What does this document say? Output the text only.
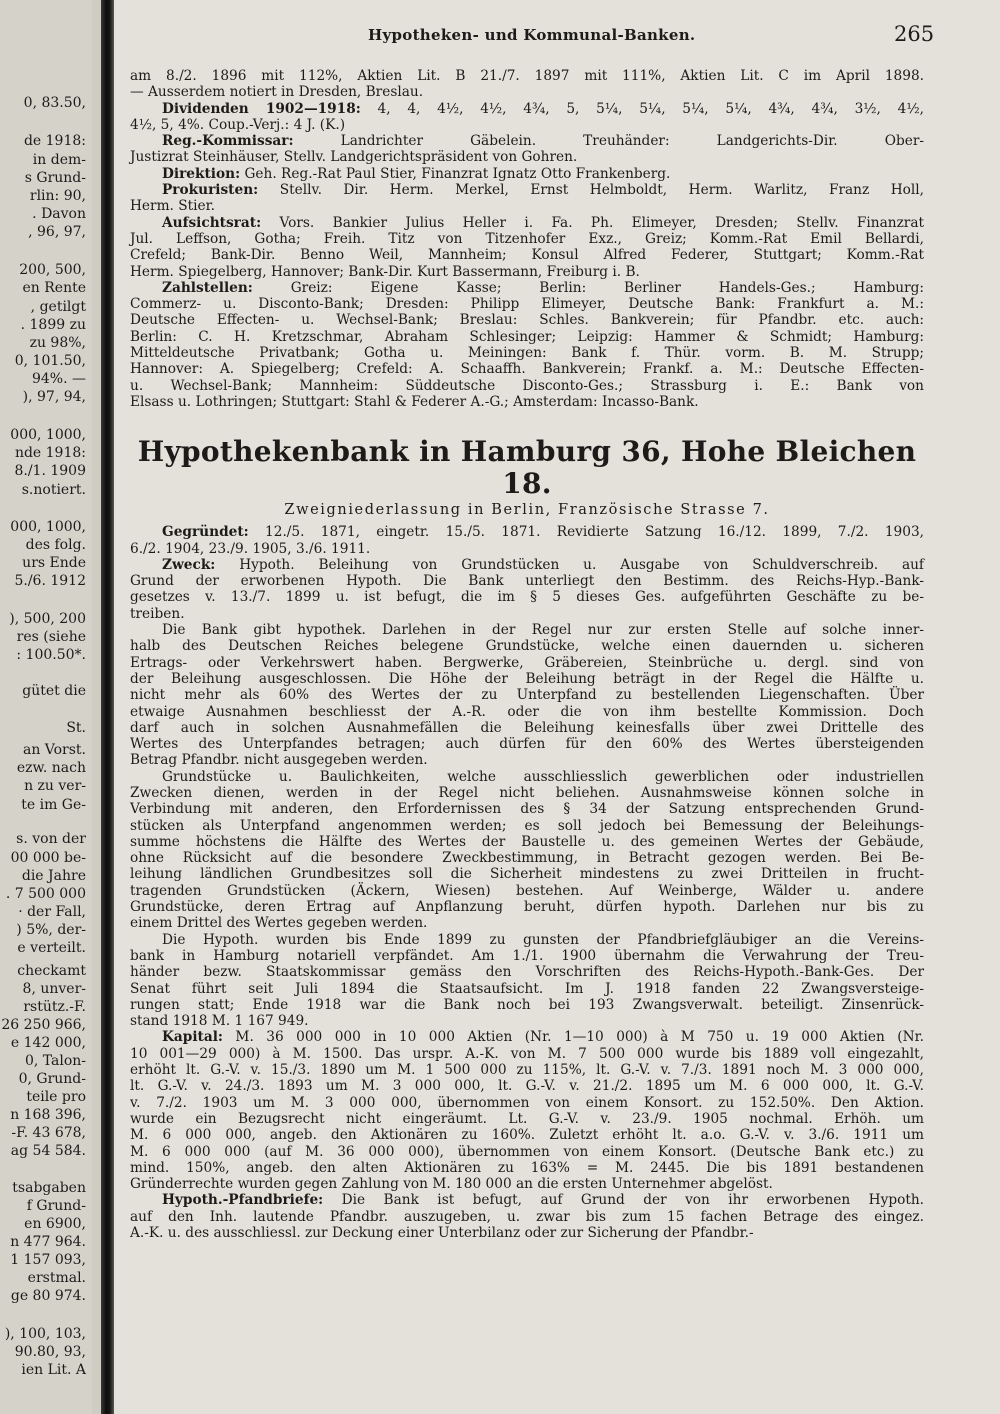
0, 83.50,
de 1918:
in dem-
s Grund-
rlin: 90,
. Davon
, 96, 97,
200, 500,
en Rente
, getilgt
. 1899 zu
zu 98%,
0, 101.50,
94%. —
), 97, 94,
000, 1000,
nde 1918:
8./1. 1909
s.notiert.
000, 1000,
des folg.
urs Ende
5./6. 1912
), 500, 200
res (siehe
: 100.50*.
gütet die
St.
an Vorst.
ezw. nach
n zu ver-
te im Ge-
s. von der
00 000 be-
die Jahre
. 7 500 000
· der Fall,
) 5%, der-
e verteilt.
checkamt
8, unver-
rstütz.-F.
26 250 966,
e 142 000,
0, Talon-
0, Grund-
teile pro
n 168 396,
-F. 43 678,
ag 54 584.
tsabgaben
f Grund-
en 6900,
n 477 964.
1 157 093,
erstmal.
ge 80 974.
), 100, 103,
90.80, 93,
ien Lit. A
Hypotheken- und Kommunal-Banken.	265
am 8./2. 1896 mit 112%, Aktien Lit. B 21./7. 1897 mit 111%, Aktien Lit. C im April 1898.
— Ausserdem notiert in Dresden, Breslau.
Dividenden 1902—1918: 4, 4, 4½, 4½, 4¾, 5, 5¼, 5¼, 5¼, 5¼, 4¾, 4¾, 3½, 4½,
4½, 5, 4%. Coup.-Verj.: 4 J. (K.)
Reg.-Kommissar: Landrichter Gäbelein. Treuhänder: Landgerichts-Dir. Ober-
Justizrat Steinhäuser, Stellv. Landgerichtspräsident von Gohren.
Direktion: Geh. Reg.-Rat Paul Stier, Finanzrat Ignatz Otto Frankenberg.
Prokuristen: Stellv. Dir. Herm. Merkel, Ernst Helmboldt, Herm. Warlitz, Franz Holl,
Herm. Stier.
Aufsichtsrat: Vors. Bankier Julius Heller i. Fa. Ph. Elimeyer, Dresden; Stellv. Finanzrat
Jul. Leffson, Gotha; Freih. Titz von Titzenhofer Exz., Greiz; Komm.-Rat Emil Bellardi,
Crefeld; Bank-Dir. Benno Weil, Mannheim; Konsul Alfred Federer, Stuttgart; Komm.-Rat
Herm. Spiegelberg, Hannover; Bank-Dir. Kurt Bassermann, Freiburg i. B.
Zahlstellen: Greiz: Eigene Kasse; Berlin: Berliner Handels-Ges.; Hamburg:
Commerz- u. Disconto-Bank; Dresden: Philipp Elimeyer, Deutsche Bank: Frankfurt a. M.:
Deutsche Effecten- u. Wechsel-Bank; Breslau: Schles. Bankverein; für Pfandbr. etc. auch:
Berlin: C. H. Kretzschmar, Abraham Schlesinger; Leipzig: Hammer & Schmidt; Hamburg:
Mitteldeutsche Privatbank; Gotha u. Meiningen: Bank f. Thür. vorm. B. M. Strupp;
Hannover: A. Spiegelberg; Crefeld: A. Schaaffh. Bankverein; Frankf. a. M.: Deutsche Effecten-
u. Wechsel-Bank; Mannheim: Süddeutsche Disconto-Ges.; Strassburg i. E.: Bank von
Elsass u. Lothringen; Stuttgart: Stahl & Federer A.-G.; Amsterdam: Incasso-Bank.
Hypothekenbank in Hamburg 36, Hohe Bleichen 18.
Zweigniederlassung in Berlin, Französische Strasse 7.
Gegründet: 12./5. 1871, eingetr. 15./5. 1871. Revidierte Satzung 16./12. 1899, 7./2. 1903,
6./2. 1904, 23./9. 1905, 3./6. 1911.
Zweck: Hypoth. Beleihung von Grundstücken u. Ausgabe von Schuldverschreib. auf
Grund der erworbenen Hypoth. Die Bank unterliegt den Bestimm. des Reichs-Hyp.-Bank-
gesetzes v. 13./7. 1899 u. ist befugt, die im § 5 dieses Ges. aufgeführten Geschäfte zu be-
treiben.
Die Bank gibt hypothek. Darlehen in der Regel nur zur ersten Stelle auf solche inner-
halb des Deutschen Reiches belegene Grundstücke, welche einen dauernden u. sicheren
Ertrags- oder Verkehrswert haben. Bergwerke, Gräbereien, Steinbrüche u. dergl. sind von
der Beleihung ausgeschlossen. Die Höhe der Beleihung beträgt in der Regel die Hälfte u.
nicht mehr als 60% des Wertes der zu Unterpfand zu bestellenden Liegenschaften. Über
etwaige Ausnahmen beschliesst der A.-R. oder die von ihm bestellte Kommission. Doch
darf auch in solchen Ausnahmefällen die Beleihung keinesfalls über zwei Drittelle des
Wertes des Unterpfandes betragen; auch dürfen für den 60% des Wertes übersteigenden
Betrag Pfandbr. nicht ausgegeben werden.
Grundstücke u. Baulichkeiten, welche ausschliesslich gewerblichen oder industriellen
Zwecken dienen, werden in der Regel nicht beliehen. Ausnahmsweise können solche in
Verbindung mit anderen, den Erfordernissen des § 34 der Satzung entsprechenden Grund-
stücken als Unterpfand angenommen werden; es soll jedoch bei Bemessung der Beleihungs-
summe höchstens die Hälfte des Wertes der Baustelle u. des gemeinen Wertes der Gebäude,
ohne Rücksicht auf die besondere Zweckbestimmung, in Betracht gezogen werden. Bei Be-
leihung ländlichen Grundbesitzes soll die Sicherheit mindestens zu zwei Dritteilen in frucht-
tragenden Grundstücken (Äckern, Wiesen) bestehen. Auf Weinberge, Wälder u. andere
Grundstücke, deren Ertrag auf Anpflanzung beruht, dürfen hypoth. Darlehen nur bis zu
einem Drittel des Wertes gegeben werden.
Die Hypoth. wurden bis Ende 1899 zu gunsten der Pfandbriefgläubiger an die Vereins-
bank in Hamburg notariell verpfändet. Am 1./1. 1900 übernahm die Verwahrung der Treu-
händer bezw. Staatskommissar gemäss den Vorschriften des Reichs-Hypoth.-Bank-Ges. Der
Senat führt seit Juli 1894 die Staatsaufsicht. Im J. 1918 fanden 22 Zwangsversteige-
rungen statt; Ende 1918 war die Bank noch bei 193 Zwangsverwalt. beteiligt. Zinsenrück-
stand 1918 M. 1 167 949.
Kapital: M. 36 000 000 in 10 000 Aktien (Nr. 1—10 000) à M 750 u. 19 000 Aktien (Nr.
10 001—29 000) à M. 1500. Das urspr. A.-K. von M. 7 500 000 wurde bis 1889 voll eingezahlt,
erhöht lt. G.-V. v. 15./3. 1890 um M. 1 500 000 zu 115%, lt. G.-V. v. 7./3. 1891 noch M. 3 000 000,
lt. G.-V. v. 24./3. 1893 um M. 3 000 000, lt. G.-V. v. 21./2. 1895 um M. 6 000 000, lt. G.-V.
v. 7./2. 1903 um M. 3 000 000, übernommen von einem Konsort. zu 152.50%. Den Aktion.
wurde ein Bezugsrecht nicht eingeräumt. Lt. G.-V. v. 23./9. 1905 nochmal. Erhöh. um
M. 6 000 000, angeb. den Aktionären zu 160%. Zuletzt erhöht lt. a.o. G.-V. v. 3./6. 1911 um
M. 6 000 000 (auf M. 36 000 000), übernommen von einem Konsort. (Deutsche Bank etc.) zu
mind. 150%, angeb. den alten Aktionären zu 163% = M. 2445. Die bis 1891 bestandenen
Gründerrechte wurden gegen Zahlung von M. 180 000 an die ersten Unternehmer abgelöst.
Hypoth.-Pfandbriefe: Die Bank ist befugt, auf Grund der von ihr erworbenen Hypoth.
auf den Inh. lautende Pfandbr. auszugeben, u. zwar bis zum 15 fachen Betrage des eingez.
A.-K. u. des ausschliessl. zur Deckung einer Unterbilanz oder zur Sicherung der Pfandbr.-
